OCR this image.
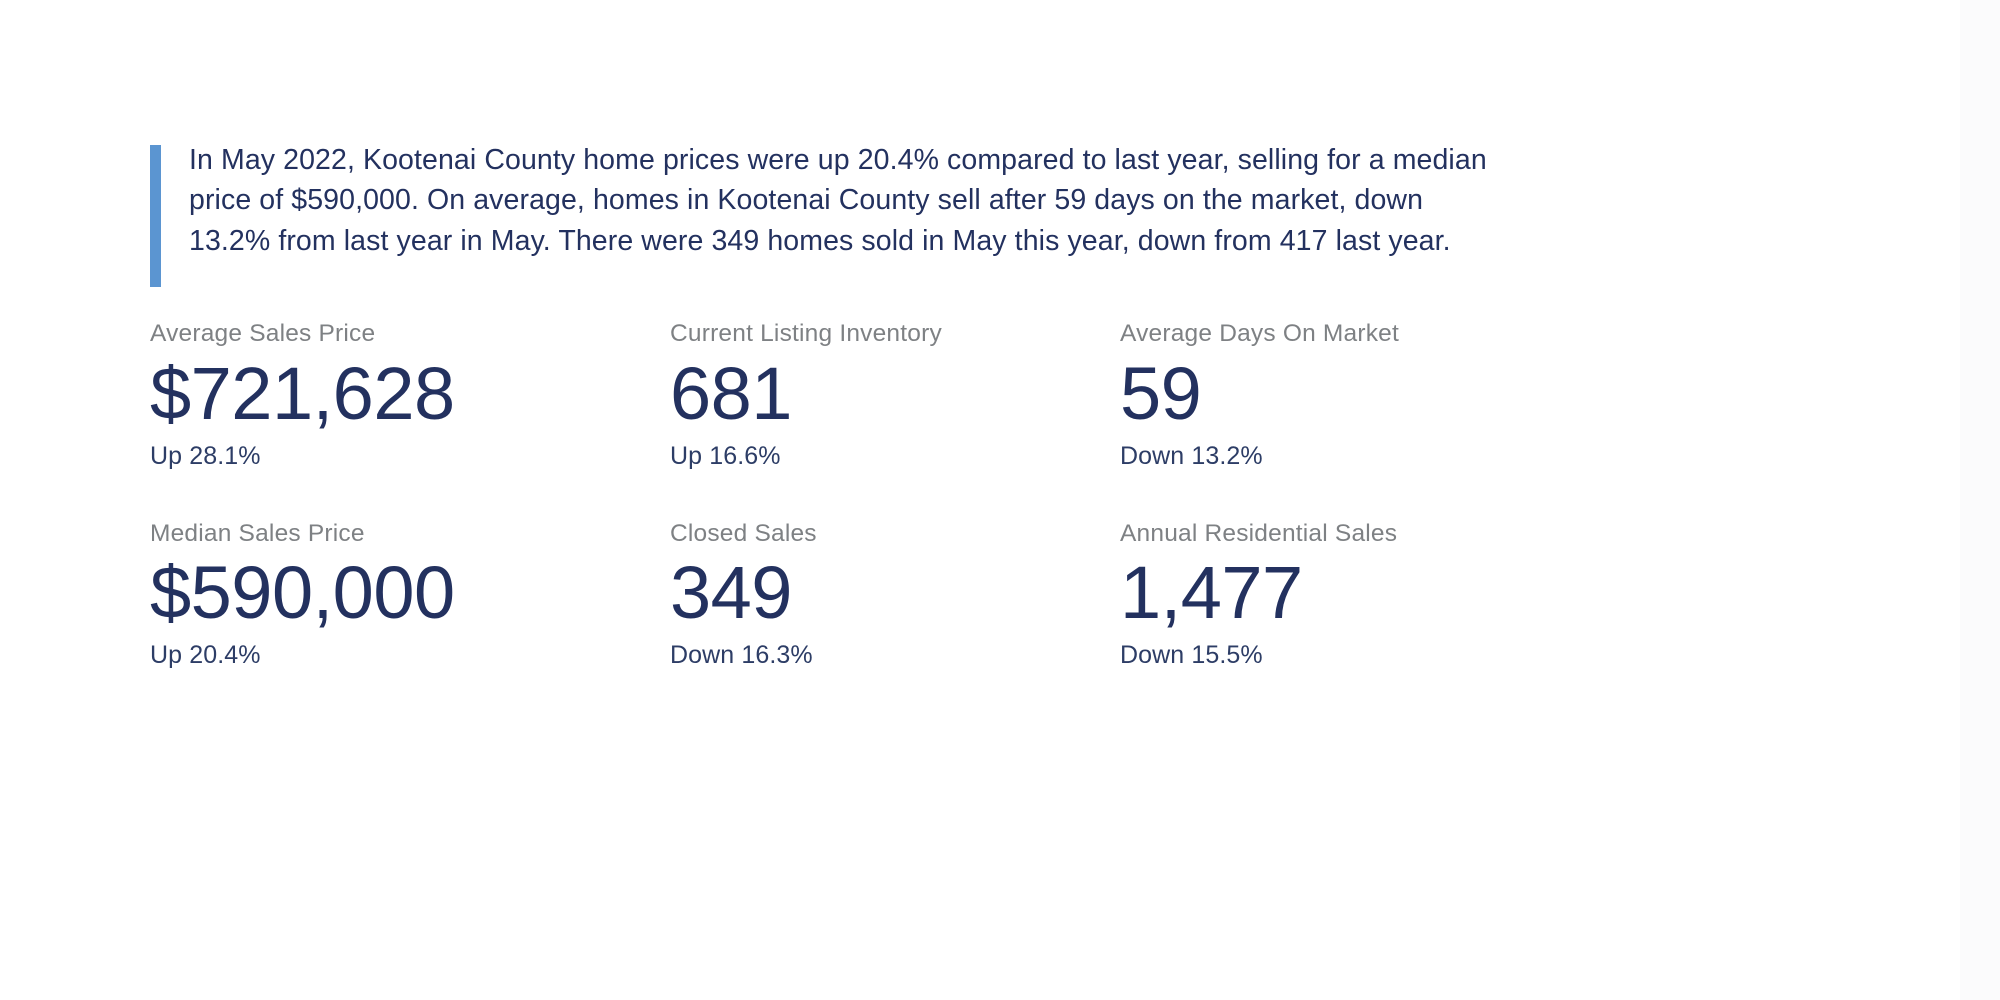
In May 2022, Kootenai County home prices were up 20.4% compared to last year, selling for a median price of $590,000. On average, homes in Kootenai County sell after 59 days on the market, down 13.2% from last year in May. There were 349 homes sold in May this year, down from 417 last year.
Average Sales Price
$721,628
Up 28.1%
Current Listing Inventory
681
Up 16.6%
Average Days On Market
59
Down 13.2%
Median Sales Price
$590,000
Up 20.4%
Closed Sales
349
Down 16.3%
Annual Residential Sales
1,477
Down 15.5%
